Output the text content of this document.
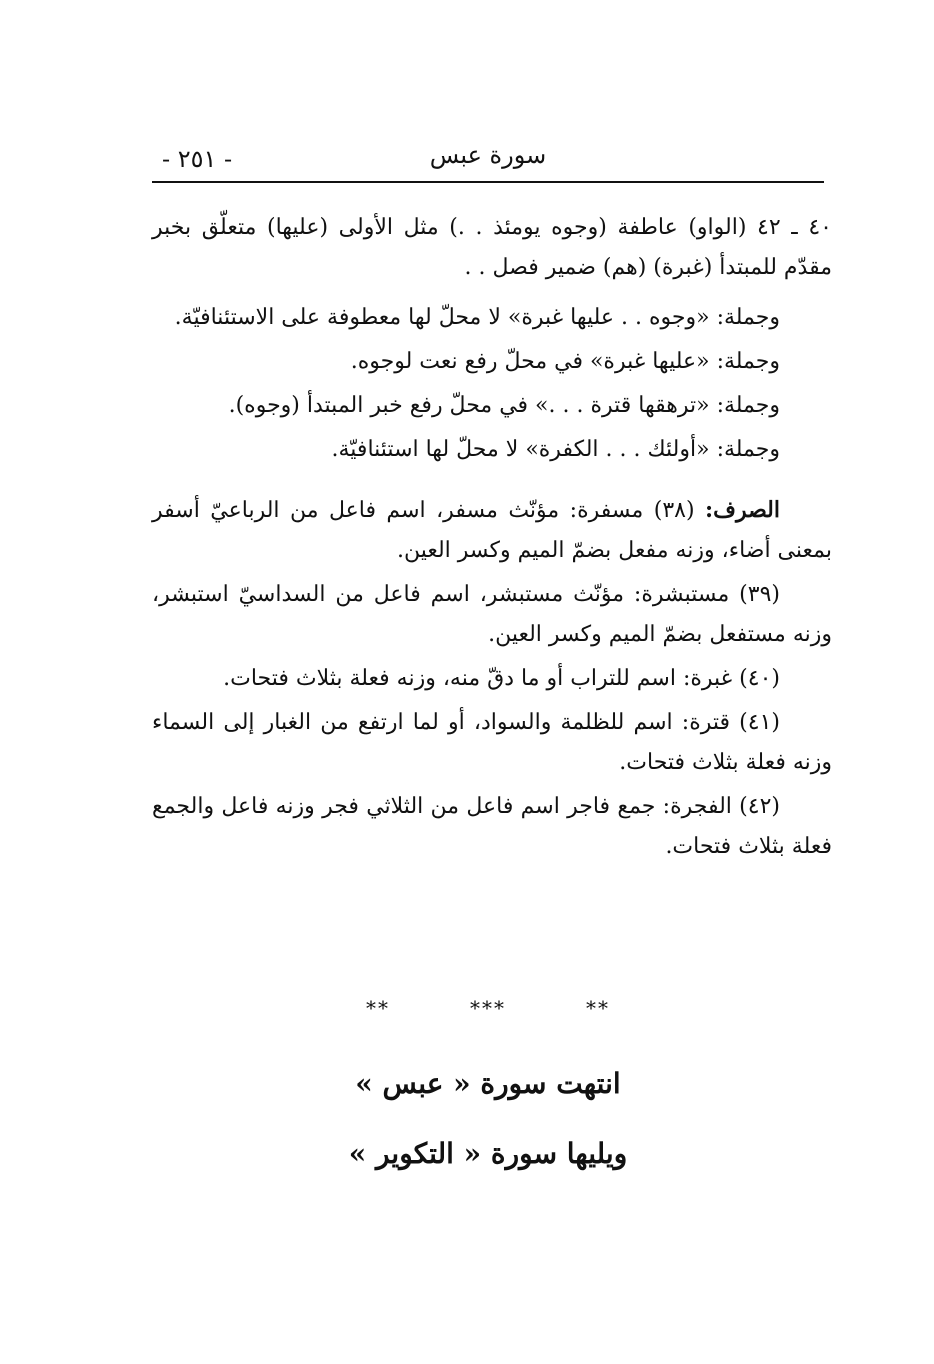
سورة عبس
- ٢٥١ -

٤٠ ـ ٤٢ (الواو) عاطفة (وجوه يومئذ . .) مثل الأولى (عليها) متعلّق بخبر مقدّم للمبتدأ (غبرة) (هم) ضمير فصل . .

وجملة: «وجوه . . عليها غبرة» لا محلّ لها معطوفة على الاستئنافيّة.
وجملة: «عليها غبرة» في محلّ رفع نعت لوجوه.
وجملة: «ترهقها قترة . . .» في محلّ رفع خبر المبتدأ (وجوه).
وجملة: «أولئك . . . الكفرة» لا محلّ لها استئنافيّة.

الصرف: (٣٨) مسفرة: مؤنّث مسفر، اسم فاعل من الرباعيّ أسفر بمعنى أضاء، وزنه مفعل بضمّ الميم وكسر العين.

(٣٩) مستبشرة: مؤنّث مستبشر، اسم فاعل من السداسيّ استبشر، وزنه مستفعل بضمّ الميم وكسر العين.

(٤٠) غبرة: اسم للتراب أو ما دقّ منه، وزنه فعلة بثلاث فتحات.

(٤١) قترة: اسم للظلمة والسواد، أو لما ارتفع من الغبار إلى السماء وزنه فعلة بثلاث فتحات.

(٤٢) الفجرة: جمع فاجر اسم فاعل من الثلاثي فجر وزنه فاعل والجمع فعلة بثلاث فتحات.

*******
انتهت سورة « عبس »
ويليها سورة « التكوير »
